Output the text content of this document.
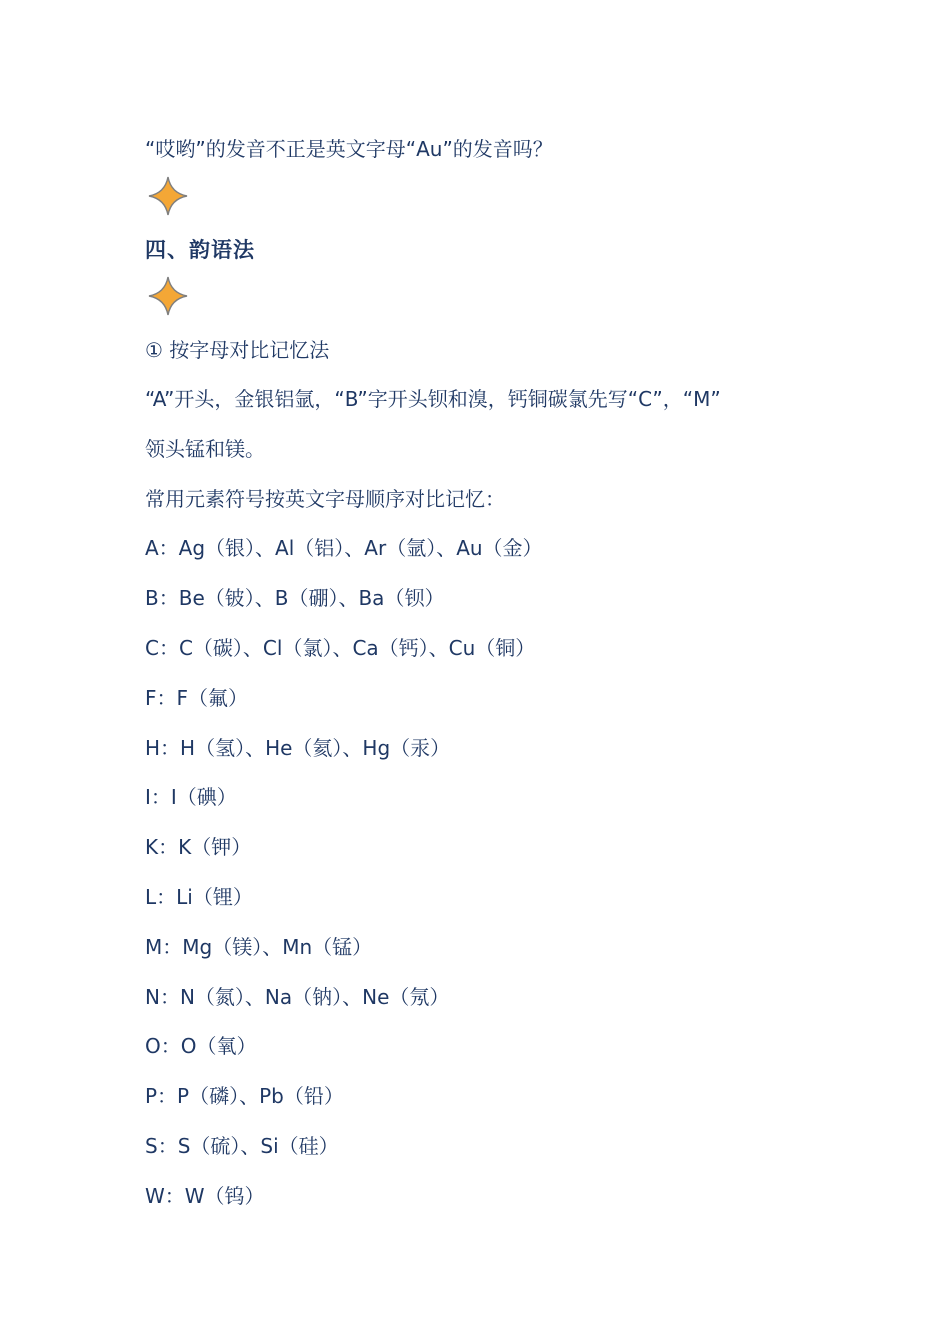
“哎哟”的发音不正是英文字母“Au”的发音吗？
四、韵语法
① 按字母对比记忆法
“A”开头，金银铝氩，“B”字开头钡和溴，钙铜碳氯先写“C”，“M”
领头锰和镁。
常用元素符号按英文字母顺序对比记忆：
A：Ag（银）、Al（铝）、Ar（氩）、Au（金）
B：Be（铍）、B（硼）、Ba（钡）
C：C（碳）、Cl（氯）、Ca（钙）、Cu（铜）
F：F（氟）
H：H（氢）、He（氦）、Hg（汞）
I：I（碘）
K：K（钾）
L：Li（锂）
M：Mg（镁）、Mn（锰）
N：N（氮）、Na（钠）、Ne（氖）
O：O（氧）
P：P（磷）、Pb（铅）
S：S（硫）、Si（硅）
W：W（钨）
